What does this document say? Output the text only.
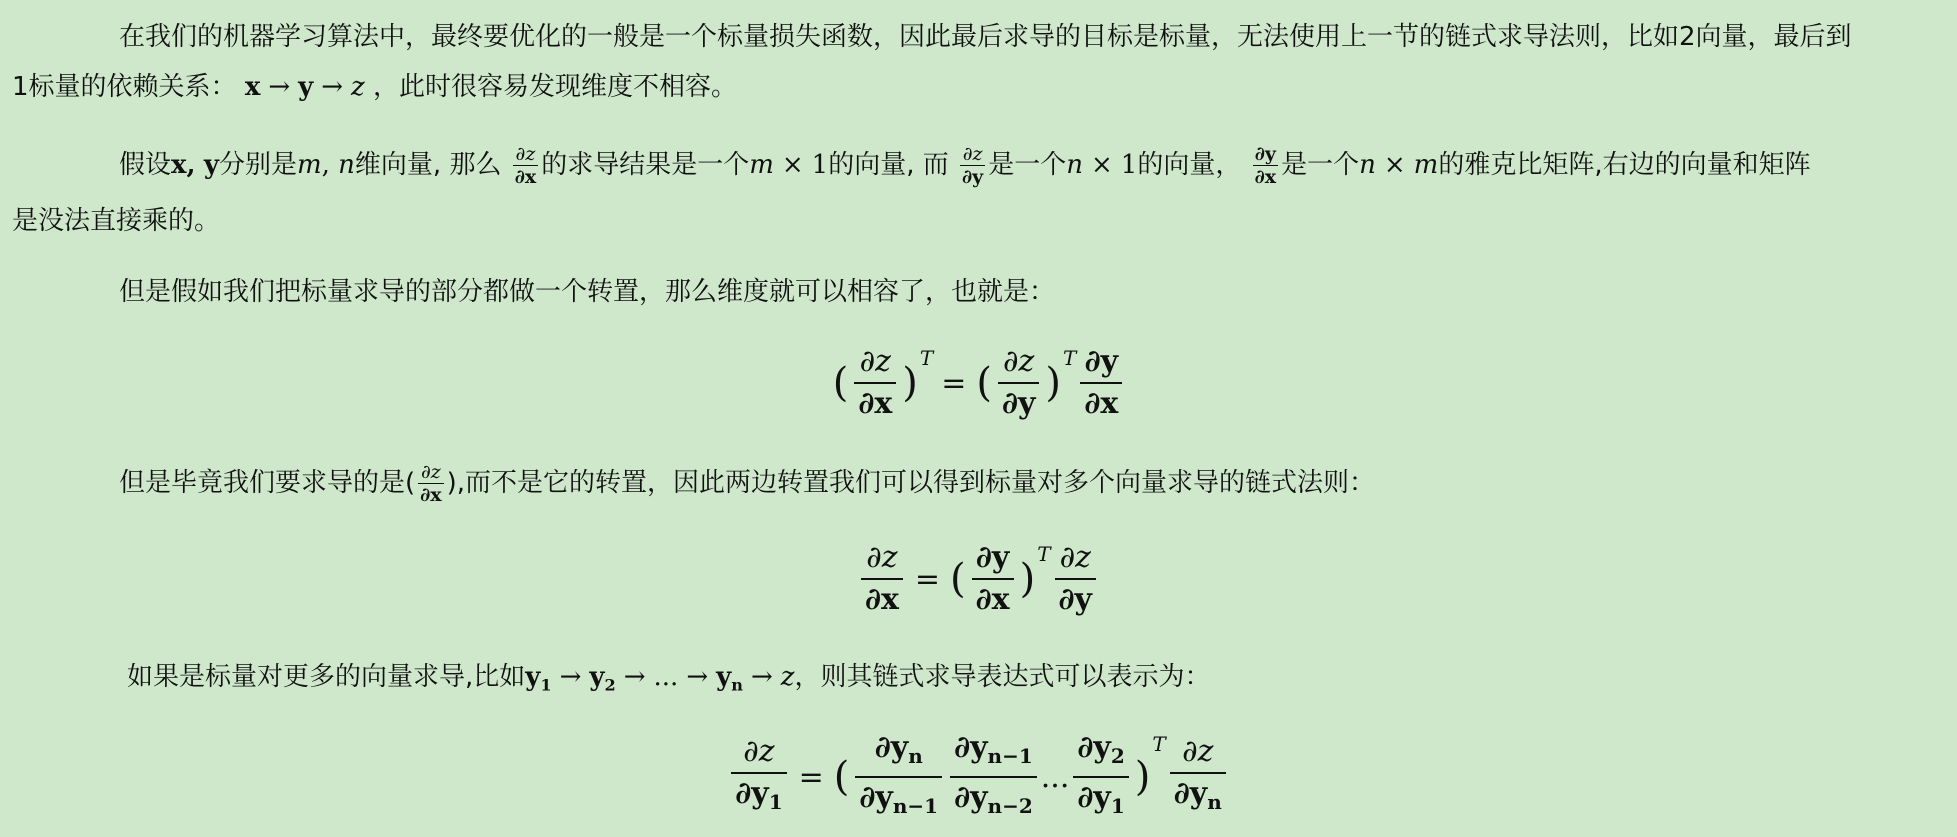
在我们的机器学习算法中，最终要优化的一般是一个标量损失函数，因此最后求导的目标是标量，无法使用上一节的链式求导法则，比如2向量，最后到
1标量的依赖关系： x → y → z ，此时很容易发现维度不相容。
假设x, y分别是m, n维向量, 那么 $\frac{\partial z}{\partial x}$ 的求导结果是一个m × 1的向量, 而 $\frac{\partial z}{\partial y}$ 是一个n × 1的向量， $\frac{\partial y}{\partial x}$ 是一个n × m的雅克比矩阵,右边的向量和矩阵
是没法直接乘的。
但是假如我们把标量求导的部分都做一个转置，那么维度就可以相容了，也就是：
( $\frac{\partial z}{\partial x}$ )
T
= ( $\frac{\partial z}{\partial y}$ )
T $\frac{\partial y}{\partial x}$
但是毕竟我们要求导的是( $\frac{\partial z}{\partial x}$ ),而不是它的转置，因此两边转置我们可以得到标量对多个向量求导的链式法则：
$\frac{\partial z}{\partial x}$ = ( $\frac{\partial y}{\partial x}$ )
T $\frac{\partial z}{\partial y}$
如果是标量对更多的向量求导,比如$y_1 \to y_2$ → ... → $y_n \to z$，则其链式求导表达式可以表示为：
$\frac{\partial z}{\partial y_1}$ = ( $\frac{\partial y_n}{\partial y_{n-1}} \frac{\partial y_{n-1}}{\partial y_{n-2}}$ ... $\frac{\partial y_2}{\partial y_1}$ )
T $\frac{\partial z}{\partial y_n}$
